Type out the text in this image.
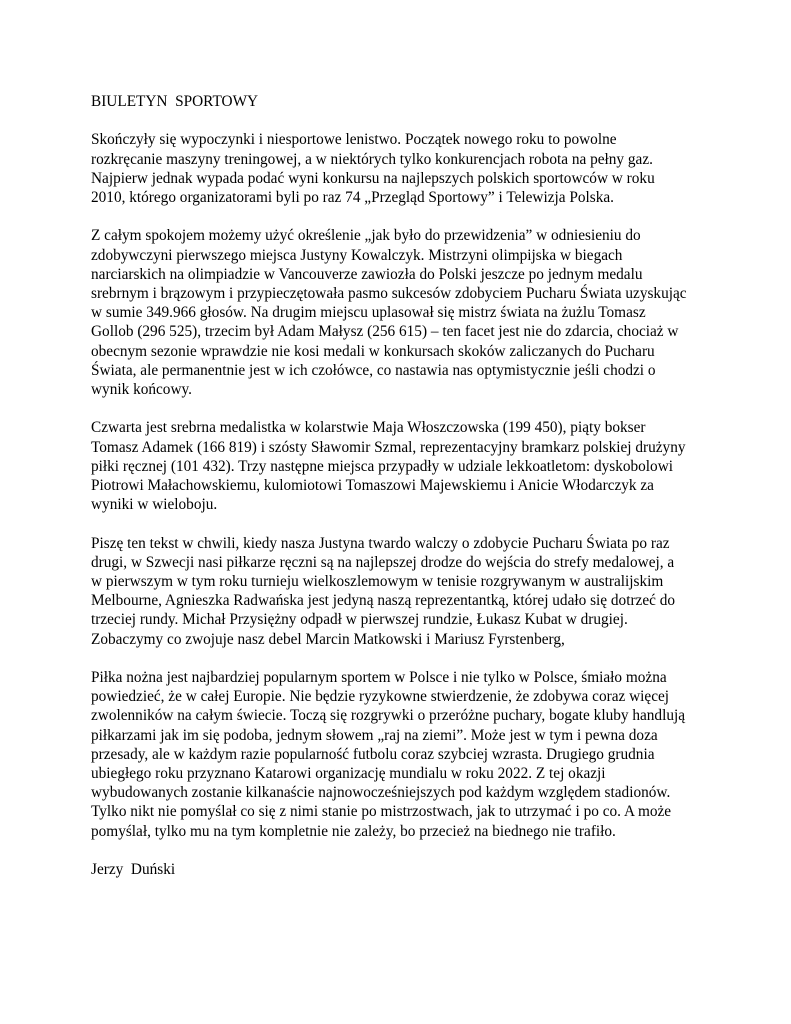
BIULETYN  SPORTOWY

Skończyły się wypoczynki i niesportowe lenistwo. Początek nowego roku to powolne
rozkręcanie maszyny treningowej, a w niektórych tylko konkurencjach robota na pełny gaz.
Najpierw jednak wypada podać wyni konkursu na najlepszych polskich sportowców w roku
2010, którego organizatorami byli po raz 74 „Przegląd Sportowy” i Telewizja Polska.

Z całym spokojem możemy użyć określenie „jak było do przewidzenia” w odniesieniu do
zdobywczyni pierwszego miejsca Justyny Kowalczyk. Mistrzyni olimpijska w biegach
narciarskich na olimpiadzie w Vancouverze zawiozła do Polski jeszcze po jednym medalu
srebrnym i brązowym i przypieczętowała pasmo sukcesów zdobyciem Pucharu Świata uzyskując
w sumie 349.966 głosów. Na drugim miejscu uplasował się mistrz świata na żużlu Tomasz
Gollob (296 525), trzecim był Adam Małysz (256 615) – ten facet jest nie do zdarcia, chociaż w
obecnym sezonie wprawdzie nie kosi medali w konkursach skoków zaliczanych do Pucharu
Świata, ale permanentnie jest w ich czołówce, co nastawia nas optymistycznie jeśli chodzi o
wynik końcowy.

Czwarta jest srebrna medalistka w kolarstwie Maja Włoszczowska (199 450), piąty bokser
Tomasz Adamek (166 819) i szósty Sławomir Szmal, reprezentacyjny bramkarz polskiej drużyny
piłki ręcznej (101 432). Trzy następne miejsca przypadły w udziale lekkoatletom: dyskobolowi
Piotrowi Małachowskiemu, kulomiotowi Tomaszowi Majewskiemu i Anicie Włodarczyk za
wyniki w wieloboju.

Piszę ten tekst w chwili, kiedy nasza Justyna twardo walczy o zdobycie Pucharu Świata po raz
drugi, w Szwecji nasi piłkarze ręczni są na najlepszej drodze do wejścia do strefy medalowej, a
w pierwszym w tym roku turnieju wielkoszlemowym w tenisie rozgrywanym w australijskim
Melbourne, Agnieszka Radwańska jest jedyną naszą reprezentantką, której udało się dotrzeć do
trzeciej rundy. Michał Przysiężny odpadł w pierwszej rundzie, Łukasz Kubat w drugiej.
Zobaczymy co zwojuje nasz debel Marcin Matkowski i Mariusz Fyrstenberg,

Piłka nożna jest najbardziej popularnym sportem w Polsce i nie tylko w Polsce, śmiało można
powiedzieć, że w całej Europie. Nie będzie ryzykowne stwierdzenie, że zdobywa coraz więcej
zwolenników na całym świecie. Toczą się rozgrywki o przeróżne puchary, bogate kluby handlują
piłkarzami jak im się podoba, jednym słowem „raj na ziemi”. Może jest w tym i pewna doza
przesady, ale w każdym razie popularność futbolu coraz szybciej wzrasta. Drugiego grudnia
ubiegłego roku przyznano Katarowi organizację mundialu w roku 2022. Z tej okazji
wybudowanych zostanie kilkanaście najnowocześniejszych pod każdym względem stadionów.
Tylko nikt nie pomyślał co się z nimi stanie po mistrzostwach, jak to utrzymać i po co. A może
pomyślał, tylko mu na tym kompletnie nie zależy, bo przecież na biednego nie trafiło.

Jerzy  Duński
